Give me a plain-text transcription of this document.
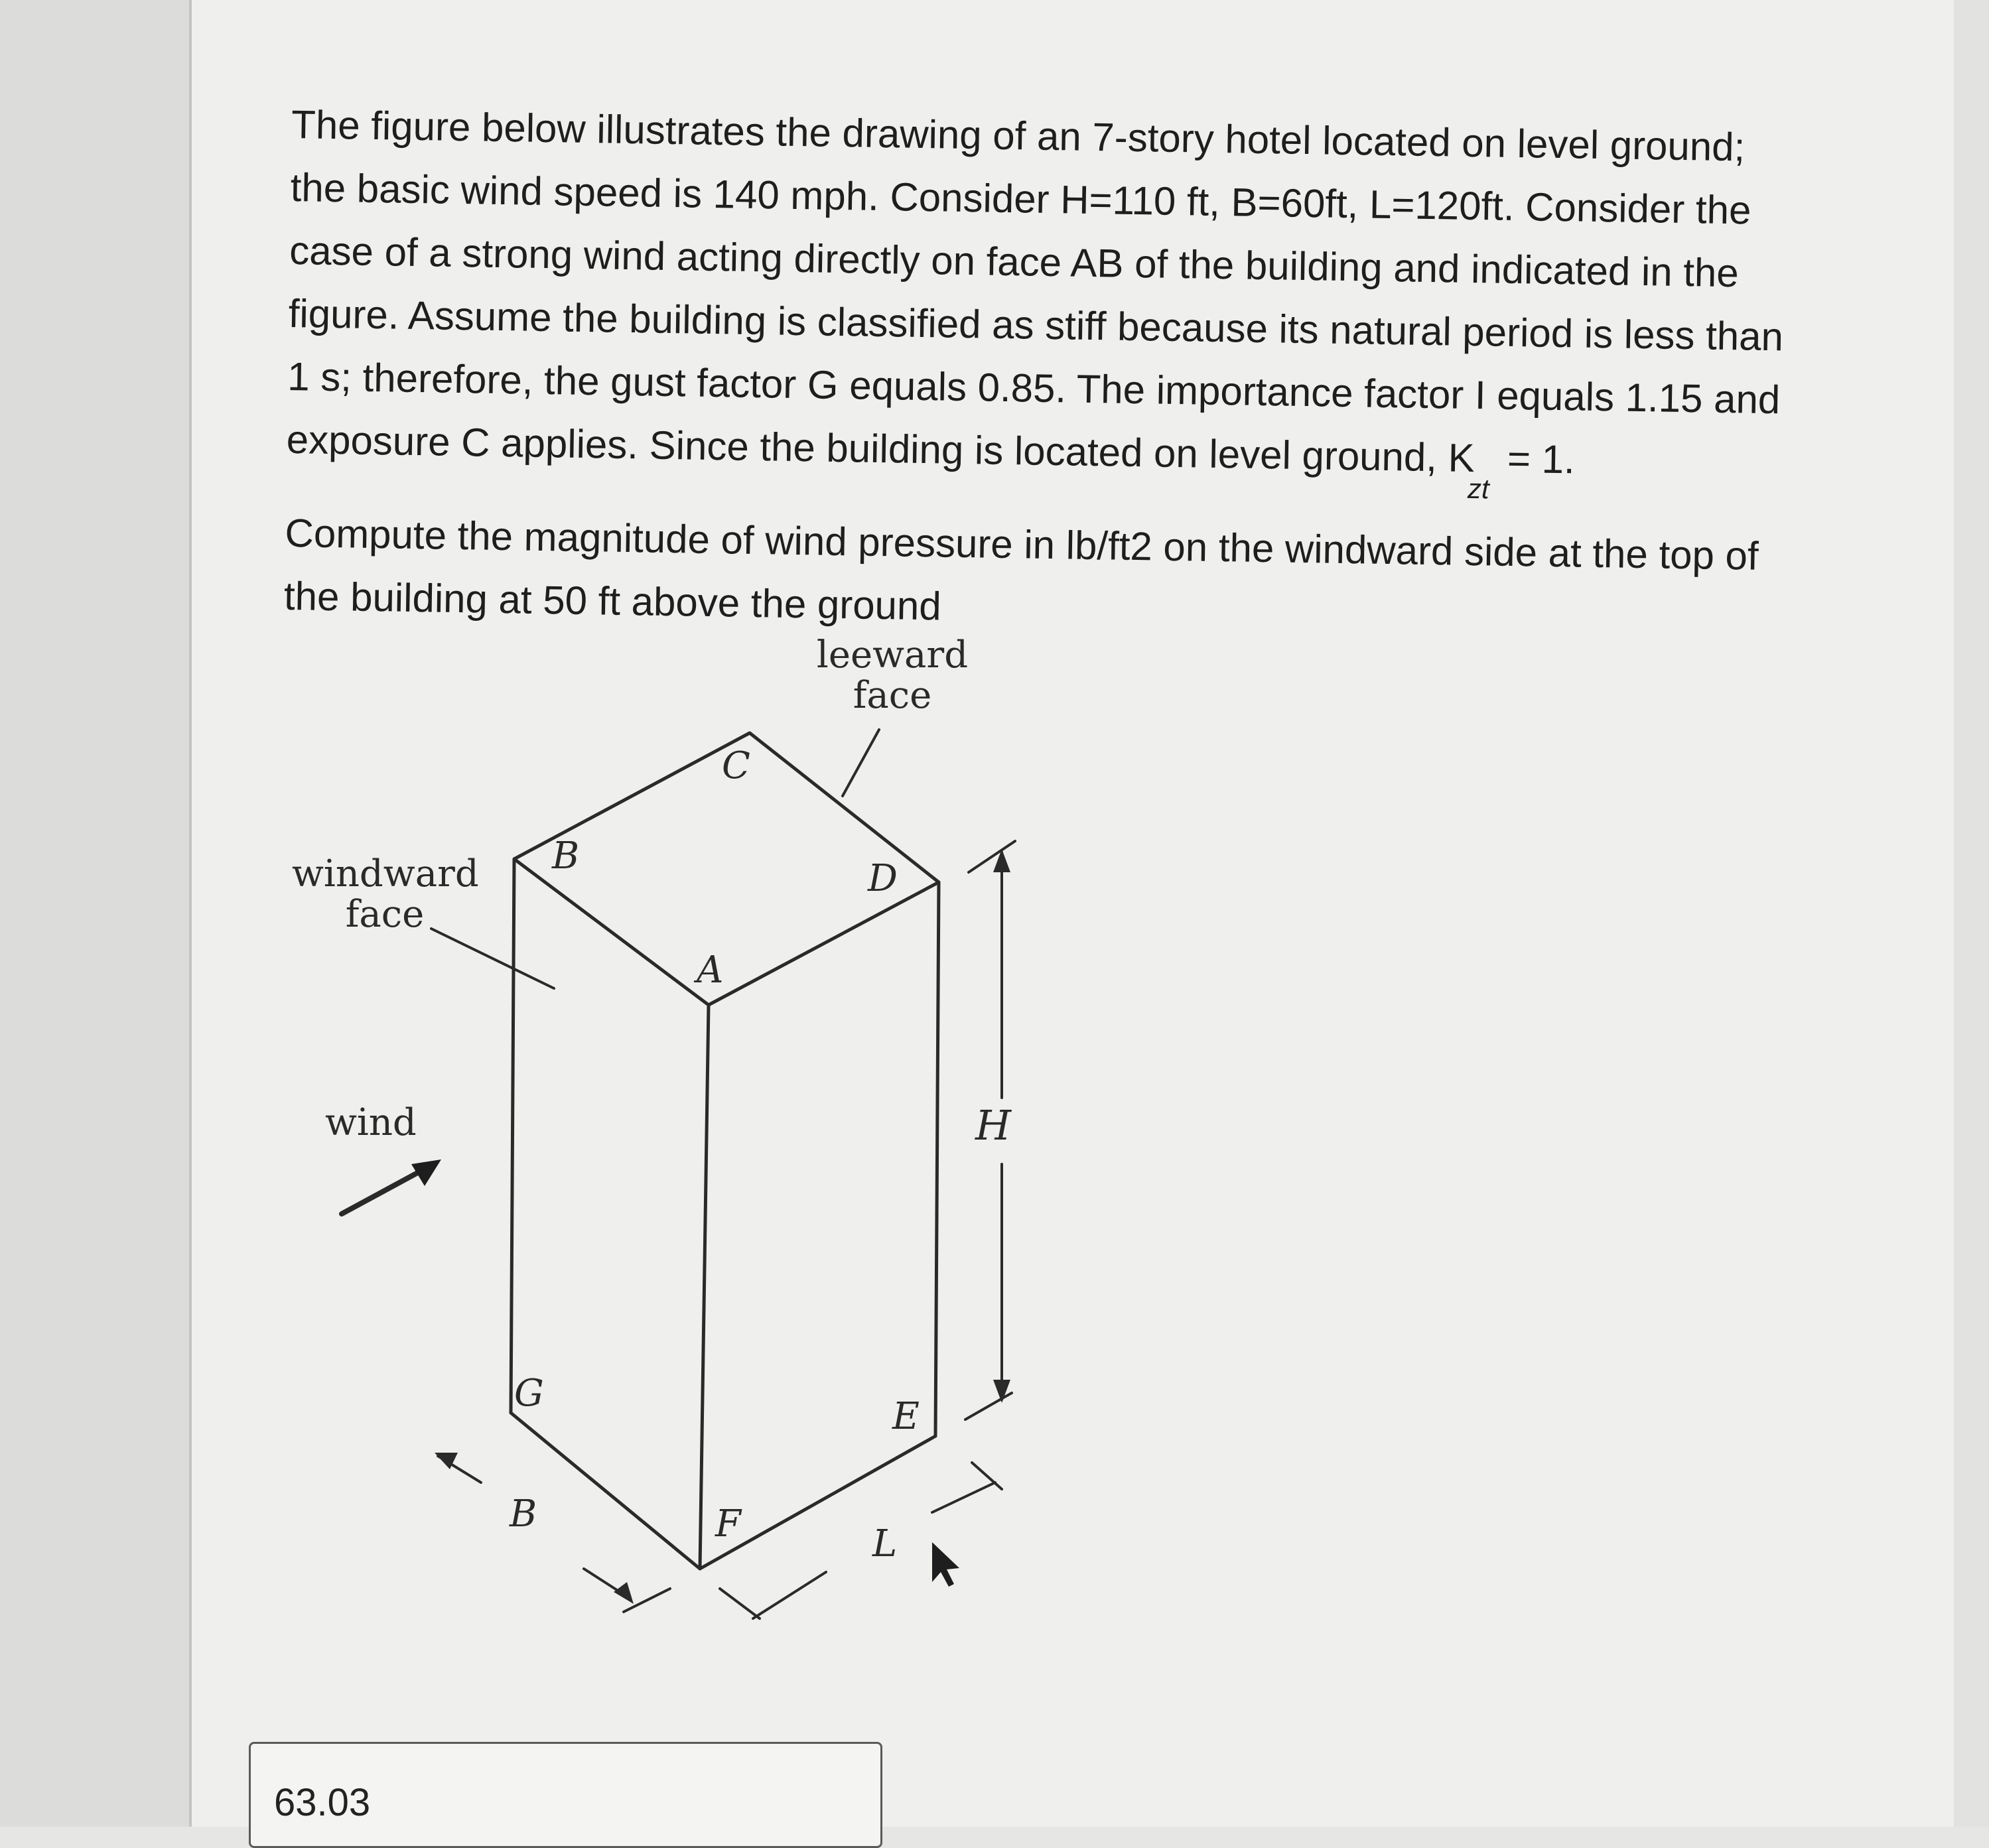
The figure below illustrates the drawing of an 7-story hotel located on level ground;

the basic wind speed is 140 mph. Consider H=110 ft, B=60ft, L=120ft. Consider the

case of a strong wind acting directly on face AB of the building and indicated in the

figure. Assume the building is classified as stiff because its natural period is less than

1 s; therefore, the gust factor G equals 0.85. The importance factor I equals 1.15 and

exposure C applies. Since the building is located on level ground, $K_{zt} = 1$.

Compute the magnitude of wind pressure in lb/ft2 on the windward side at the top of

the building at 50 ft above the ground

leeward
face
windward
face
wind
C
B
D
A
G
E
F
B
L
H
63.03
